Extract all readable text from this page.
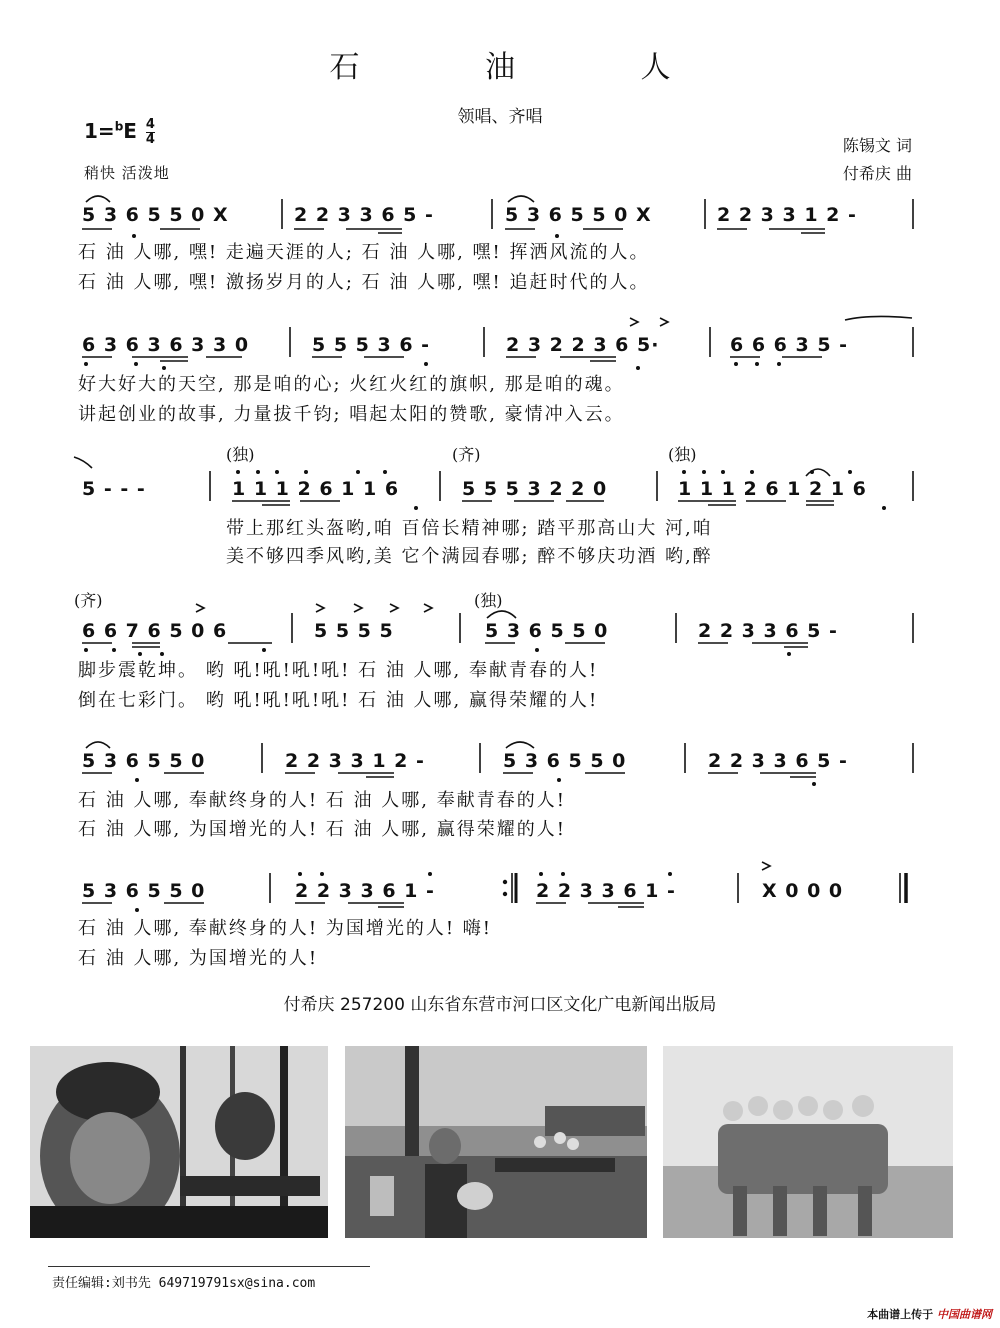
石 油 人
领唱、齐唱
$1=^bE \frac{4}{4}$
稍快 活泼地
陈锡文 词
付希庆 曲
5 3 6 5 5 0 X	2 2 3 3 6 5 -	5 3 6 5 5 0 X	2 2 3 3 1 2 -
石 油 人哪, 嘿! 走遍天涯的人; 石 油 人哪, 嘿! 挥洒风流的人。
石 油 人哪, 嘿! 激扬岁月的人; 石 油 人哪, 嘿! 追赶时代的人。
6 3 6 3 6 3 3 0	5 5 5 3 6 -	2 3 2 2 3 6 5·	6 6 6 3 5 -
好大好大的天空, 那是咱的心; 火红火红的旗帜, 那是咱的魂。
讲起创业的故事, 力量拔千钧; 唱起太阳的赞歌, 豪情冲入云。
(独)	(齐)	(独)
5 - - -	1 1 1 2 6 1 1 6	5 5 5 3 2 2 0	1 1 1 2 6 1 2 1 6
带上那红头盔哟,咱 百倍长精神哪; 踏平那高山大 河,咱
美不够四季风哟,美 它个满园春哪; 醉不够庆功酒 哟,醉
(齐)	(独)
6 6 7 6 5 0 6	5 5 5 5	5 3 6 5 5 0	2 2 3 3 6 5 -
脚步震乾坤。 哟 吼!吼!吼!吼! 石 油 人哪, 奉献青春的人!
倒在七彩门。 哟 吼!吼!吼!吼! 石 油 人哪, 赢得荣耀的人!
5 3 6 5 5 0	2 2 3 3 1 2 -	5 3 6 5 5 0	2 2 3 3 6 5 -
石 油 人哪, 奉献终身的人! 石 油 人哪, 奉献青春的人!
石 油 人哪, 为国增光的人! 石 油 人哪, 赢得荣耀的人!
5 3 6 5 5 0	2 2 3 3 6 1 -	2 2 3 3 6 1 -	X 0 0 0
石 油 人哪, 奉献终身的人! 为国增光的人! 嗨!
石 油 人哪, 为国增光的人!
付希庆 257200 山东省东营市河口区文化广电新闻出版局
责任编辑:刘书先 649719791sx@sina.com
本曲谱上传于 中国曲谱网
